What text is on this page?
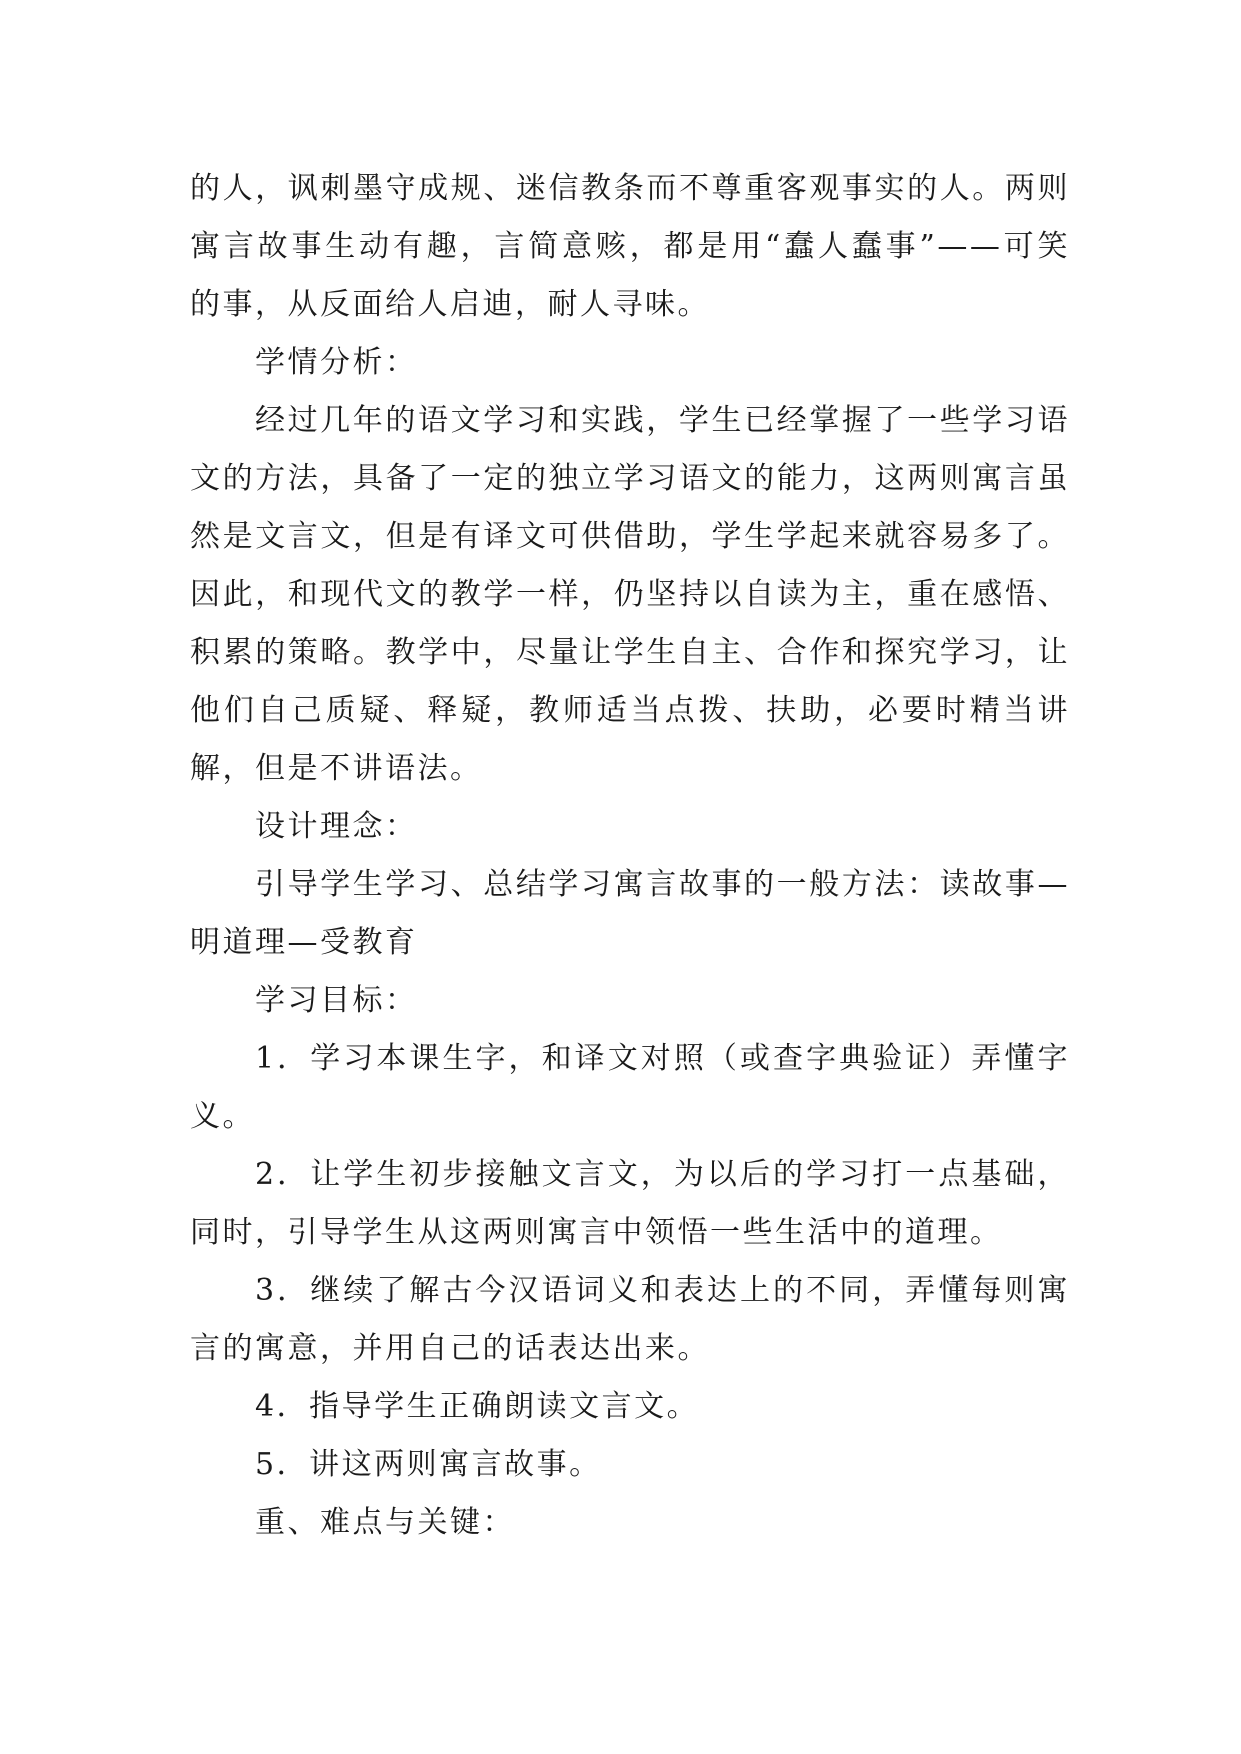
的人，讽刺墨守成规、迷信教条而不尊重客观事实的人。两则寓言故事生动有趣，言简意赅，都是用“蠢人蠢事”——可笑的事，从反面给人启迪，耐人寻味。

学情分析：

经过几年的语文学习和实践，学生已经掌握了一些学习语文的方法，具备了一定的独立学习语文的能力，这两则寓言虽然是文言文，但是有译文可供借助，学生学起来就容易多了。因此，和现代文的教学一样，仍坚持以自读为主，重在感悟、积累的策略。教学中，尽量让学生自主、合作和探究学习，让他们自己质疑、释疑，教师适当点拨、扶助，必要时精当讲解，但是不讲语法。

设计理念：

引导学生学习、总结学习寓言故事的一般方法：读故事—明道理—受教育

学习目标：

1．学习本课生字，和译文对照（或查字典验证）弄懂字义。

2．让学生初步接触文言文，为以后的学习打一点基础，同时，引导学生从这两则寓言中领悟一些生活中的道理。

3．继续了解古今汉语词义和表达上的不同，弄懂每则寓言的寓意，并用自己的话表达出来。

4．指导学生正确朗读文言文。

5．讲这两则寓言故事。

重、难点与关键：
